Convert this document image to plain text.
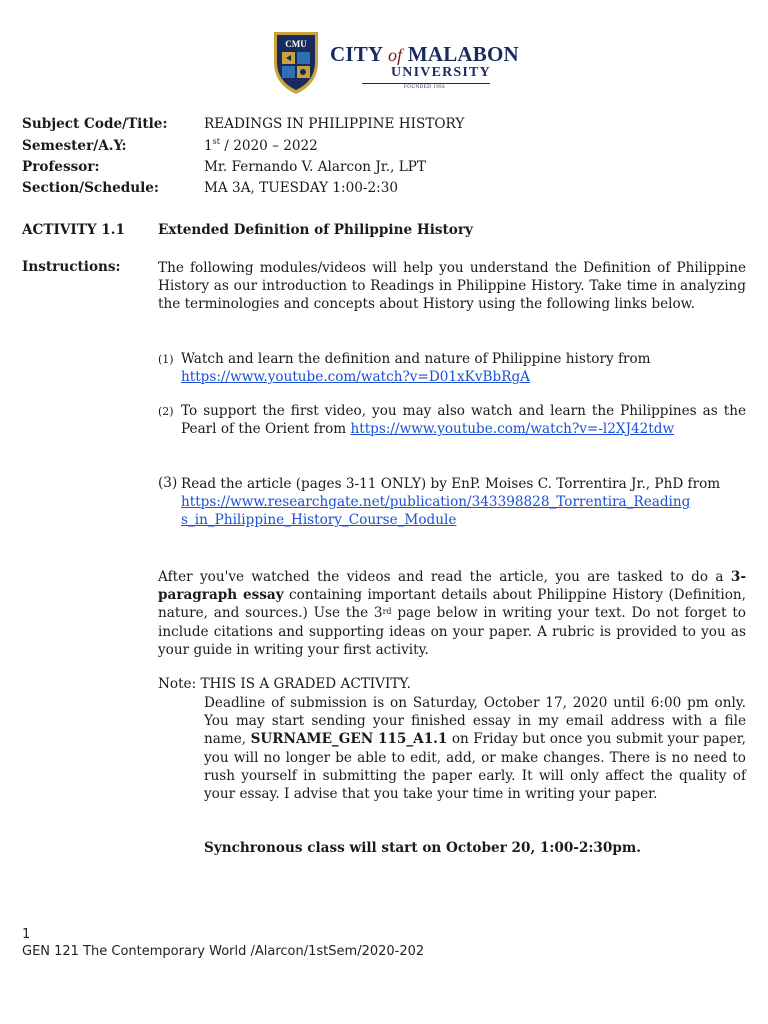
CMU CITY of MALABON
UNIVERSITY
FOUNDED 1994
Subject Code/Title:	READINGS IN PHILIPPINE HISTORY
Semester/A.Y:	1st / 2020 – 2022
Professor:	Mr. Fernando V. Alarcon Jr., LPT
Section/Schedule:	MA 3A, TUESDAY 1:00-2:30
ACTIVITY 1.1 Extended Definition of Philippine History
Instructions:	The following modules/videos will help you understand the Definition of Philippine History as our introduction to Readings in Philippine History. Take time in analyzing the terminologies and concepts about History using the following links below.
(1) Watch and learn the definition and nature of Philippine history from
https://www.youtube.com/watch?v=D01xKvBbRgA
(2) To support the first video, you may also watch and learn the Philippines as the Pearl of the Orient from https://www.youtube.com/watch?v=-l2XJ42tdw
(3) Read the article (pages 3-11 ONLY) by EnP. Moises C. Torrentira Jr., PhD from
https://www.researchgate.net/publication/343398828_Torrentira_Reading
s_in_Philippine_History_Course_Module
After you've watched the videos and read the article, you are tasked to do a 3-paragraph essay containing important details about Philippine History (Definition, nature, and sources.) Use the 3rd page below in writing your text. Do not forget to include citations and supporting ideas on your paper. A rubric is provided to you as your guide in writing your first activity.
Note: THIS IS A GRADED ACTIVITY.
Deadline of submission is on Saturday, October 17, 2020 until 6:00 pm only. You may start sending your finished essay in my email address with a file name, SURNAME_GEN 115_A1.1 on Friday but once you submit your paper, you will no longer be able to edit, add, or make changes. There is no need to rush yourself in submitting the paper early. It will only affect the quality of your essay. I advise that you take your time in writing your paper.
Synchronous class will start on October 20, 1:00-2:30pm.
1
GEN 121 The Contemporary World /Alarcon/1stSem/2020-202
